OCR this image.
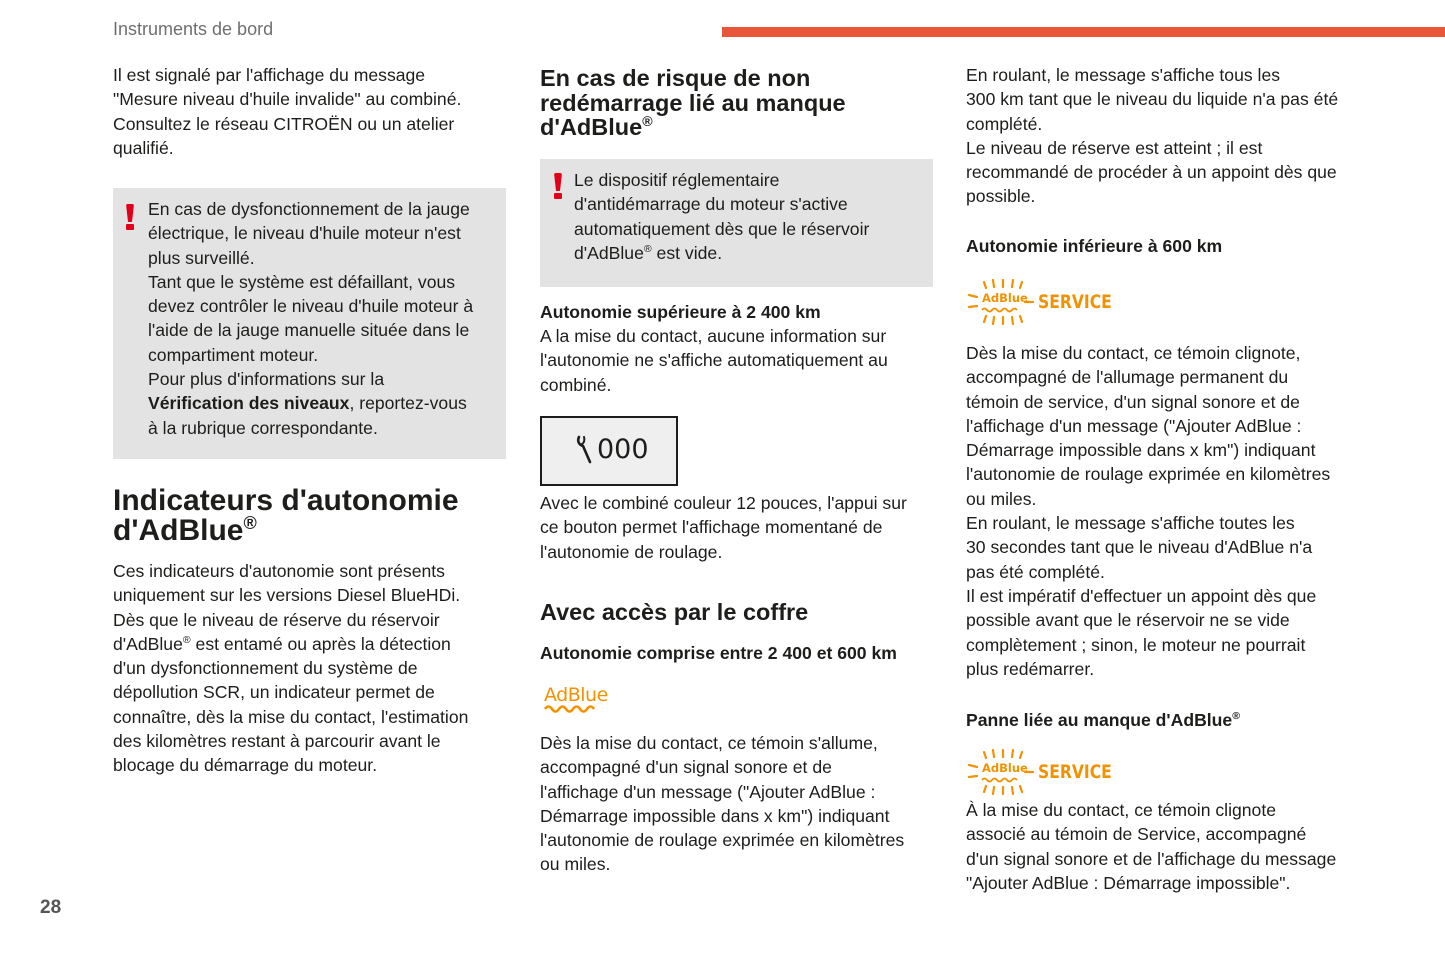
Instruments de bord
28

Il est signalé par l'affichage du message

"Mesure niveau d'huile invalide" au combiné.

Consultez le réseau CITROËN ou un atelier

qualifié.

En cas de dysfonctionnement de la jauge

électrique, le niveau d'huile moteur n'est

plus surveillé.

Tant que le système est défaillant, vous

devez contrôler le niveau d'huile moteur à

l'aide de la jauge manuelle située dans le

compartiment moteur.

Pour plus d'informations sur la

Vérification des niveaux, reportez-vous

à la rubrique correspondante.

Indicateurs d'autonomie
d'AdBlue®

Ces indicateurs d'autonomie sont présents

uniquement sur les versions Diesel BlueHDi.

Dès que le niveau de réserve du réservoir

d'AdBlue® est entamé ou après la détection

d'un dysfonctionnement du système de

dépollution SCR, un indicateur permet de

connaître, dès la mise du contact, l'estimation

des kilomètres restant à parcourir avant le

blocage du démarrage du moteur.

En cas de risque de non
redémarrage lié au manque
d'AdBlue®

Le dispositif réglementaire

d'antidémarrage du moteur s'active

automatiquement dès que le réservoir

d'AdBlue® est vide.

Autonomie supérieure à 2 400 km

A la mise du contact, aucune information sur

l'autonomie ne s'affiche automatiquement au

combiné.

000

Avec le combiné couleur 12 pouces, l'appui sur

ce bouton permet l'affichage momentané de

l'autonomie de roulage.

Avec accès par le coffre
Autonomie comprise entre 2 400 et 600 km
AdBlue

Dès la mise du contact, ce témoin s'allume,

accompagné d'un signal sonore et de

l'affichage d'un message ("Ajouter AdBlue :

Démarrage impossible dans x km") indiquant

l'autonomie de roulage exprimée en kilomètres

ou miles.

En roulant, le message s'affiche tous les

300 km tant que le niveau du liquide n'a pas été

complété.

Le niveau de réserve est atteint ; il est

recommandé de procéder à un appoint dès que

possible.

Autonomie inférieure à 600 km
AdBlue SERVICE

Dès la mise du contact, ce témoin clignote,

accompagné de l'allumage permanent du

témoin de service, d'un signal sonore et de

l'affichage d'un message ("Ajouter AdBlue :

Démarrage impossible dans x km") indiquant

l'autonomie de roulage exprimée en kilomètres

ou miles.

En roulant, le message s'affiche toutes les

30 secondes tant que le niveau d'AdBlue n'a

pas été complété.

Il est impératif d'effectuer un appoint dès que

possible avant que le réservoir ne se vide

complètement ; sinon, le moteur ne pourrait

plus redémarrer.

Panne liée au manque d'AdBlue®
AdBlue SERVICE

À la mise du contact, ce témoin clignote

associé au témoin de Service, accompagné

d'un signal sonore et de l'affichage du message

"Ajouter AdBlue : Démarrage impossible".
